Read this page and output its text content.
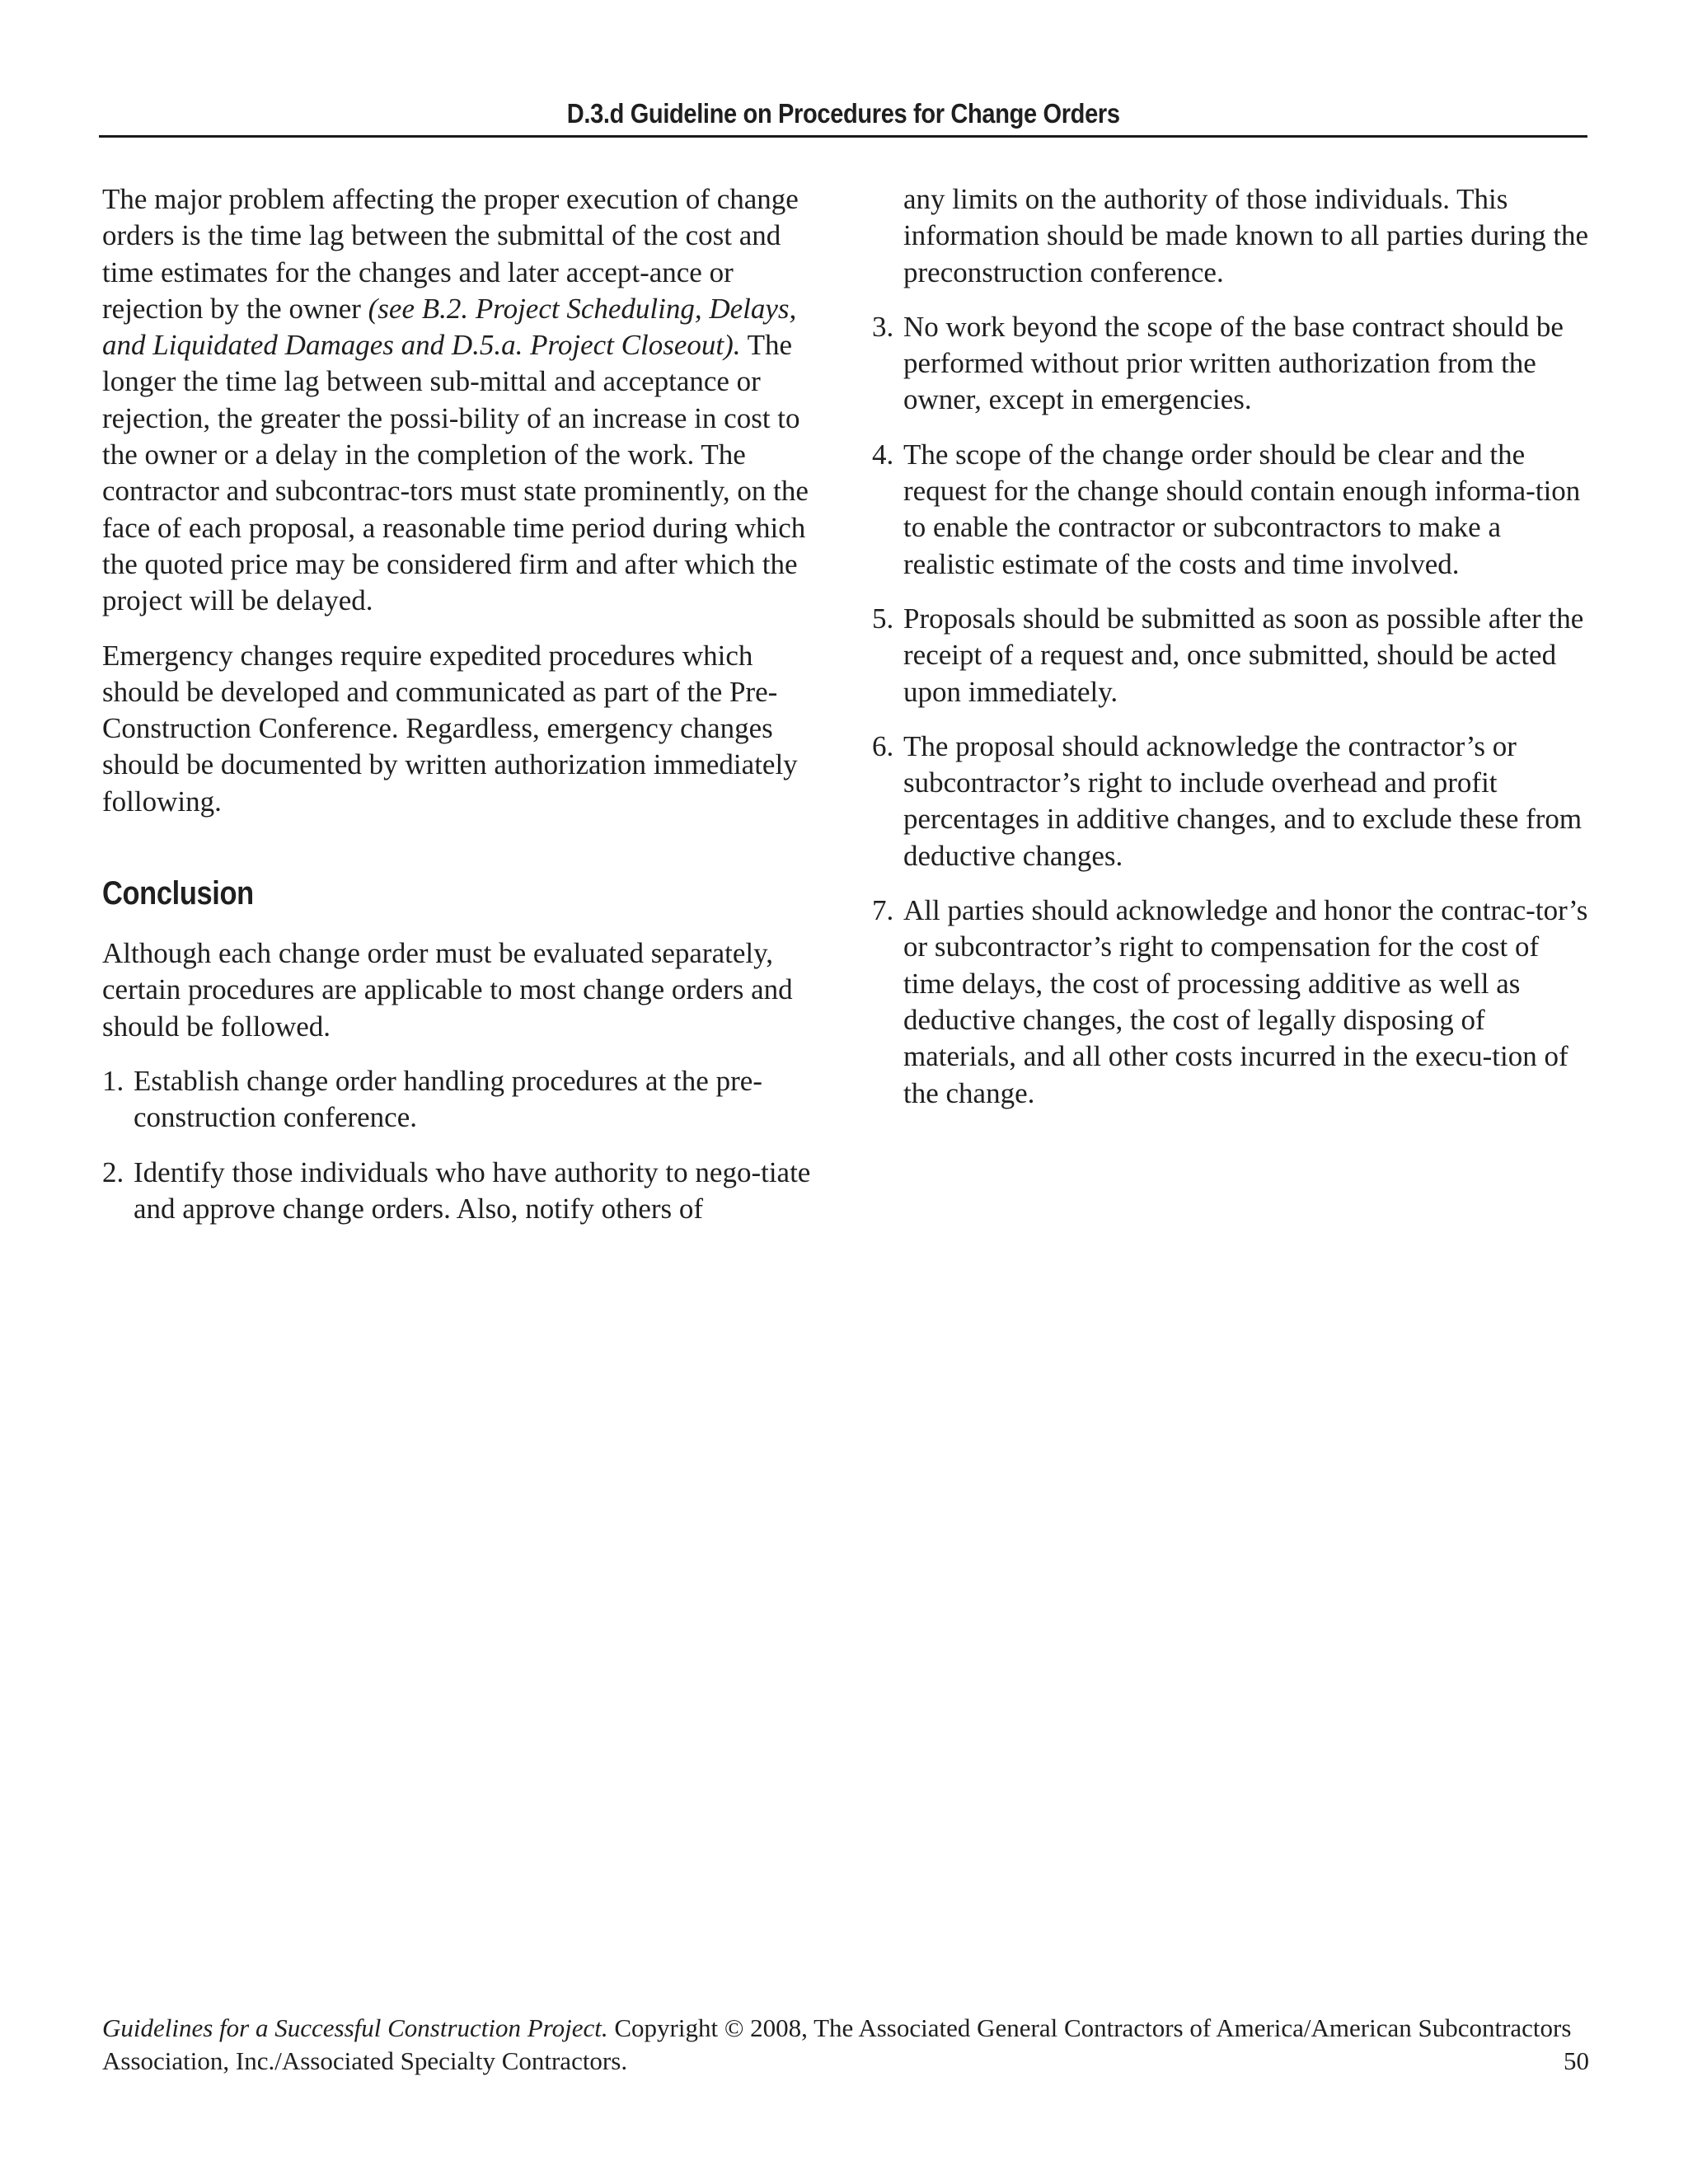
D.3.d Guideline on Procedures for Change Orders

The major problem affecting the proper execution of change orders is the time lag between the submittal of the cost and time estimates for the changes and later accept-ance or rejection by the owner (see B.2. Project Scheduling, Delays, and Liquidated Damages and D.5.a. Project Closeout). The longer the time lag between sub-mittal and acceptance or rejection, the greater the possi-bility of an increase in cost to the owner or a delay in the completion of the work. The contractor and subcontrac-tors must state prominently, on the face of each proposal, a reasonable time period during which the quoted price may be considered firm and after which the project will be delayed.

Emergency changes require expedited procedures which should be developed and communicated as part of the Pre-Construction Conference. Regardless, emergency changes should be documented by written authorization immediately following.

Conclusion

Although each change order must be evaluated separately, certain procedures are applicable to most change orders and should be followed.

1. Establish change order handling procedures at the pre-construction conference.
2. Identify those individuals who have authority to nego-tiate and approve change orders. Also, notify others of

any limits on the authority of those individuals. This information should be made known to all parties during the preconstruction conference.

3. No work beyond the scope of the base contract should be performed without prior written authorization from the owner, except in emergencies.
4. The scope of the change order should be clear and the request for the change should contain enough informa-tion to enable the contractor or subcontractors to make a realistic estimate of the costs and time involved.
5. Proposals should be submitted as soon as possible after the receipt of a request and, once submitted, should be acted upon immediately.
6. The proposal should acknowledge the contractor’s or subcontractor’s right to include overhead and profit percentages in additive changes, and to exclude these from deductive changes.
7. All parties should acknowledge and honor the contrac-tor’s or subcontractor’s right to compensation for the cost of time delays, the cost of processing additive as well as deductive changes, the cost of legally disposing of materials, and all other costs incurred in the execu-tion of the change.
Guidelines for a Successful Construction Project. Copyright © 2008, The Associated General Contractors of America/American Subcontractors Association, Inc./Associated Specialty Contractors.	50
